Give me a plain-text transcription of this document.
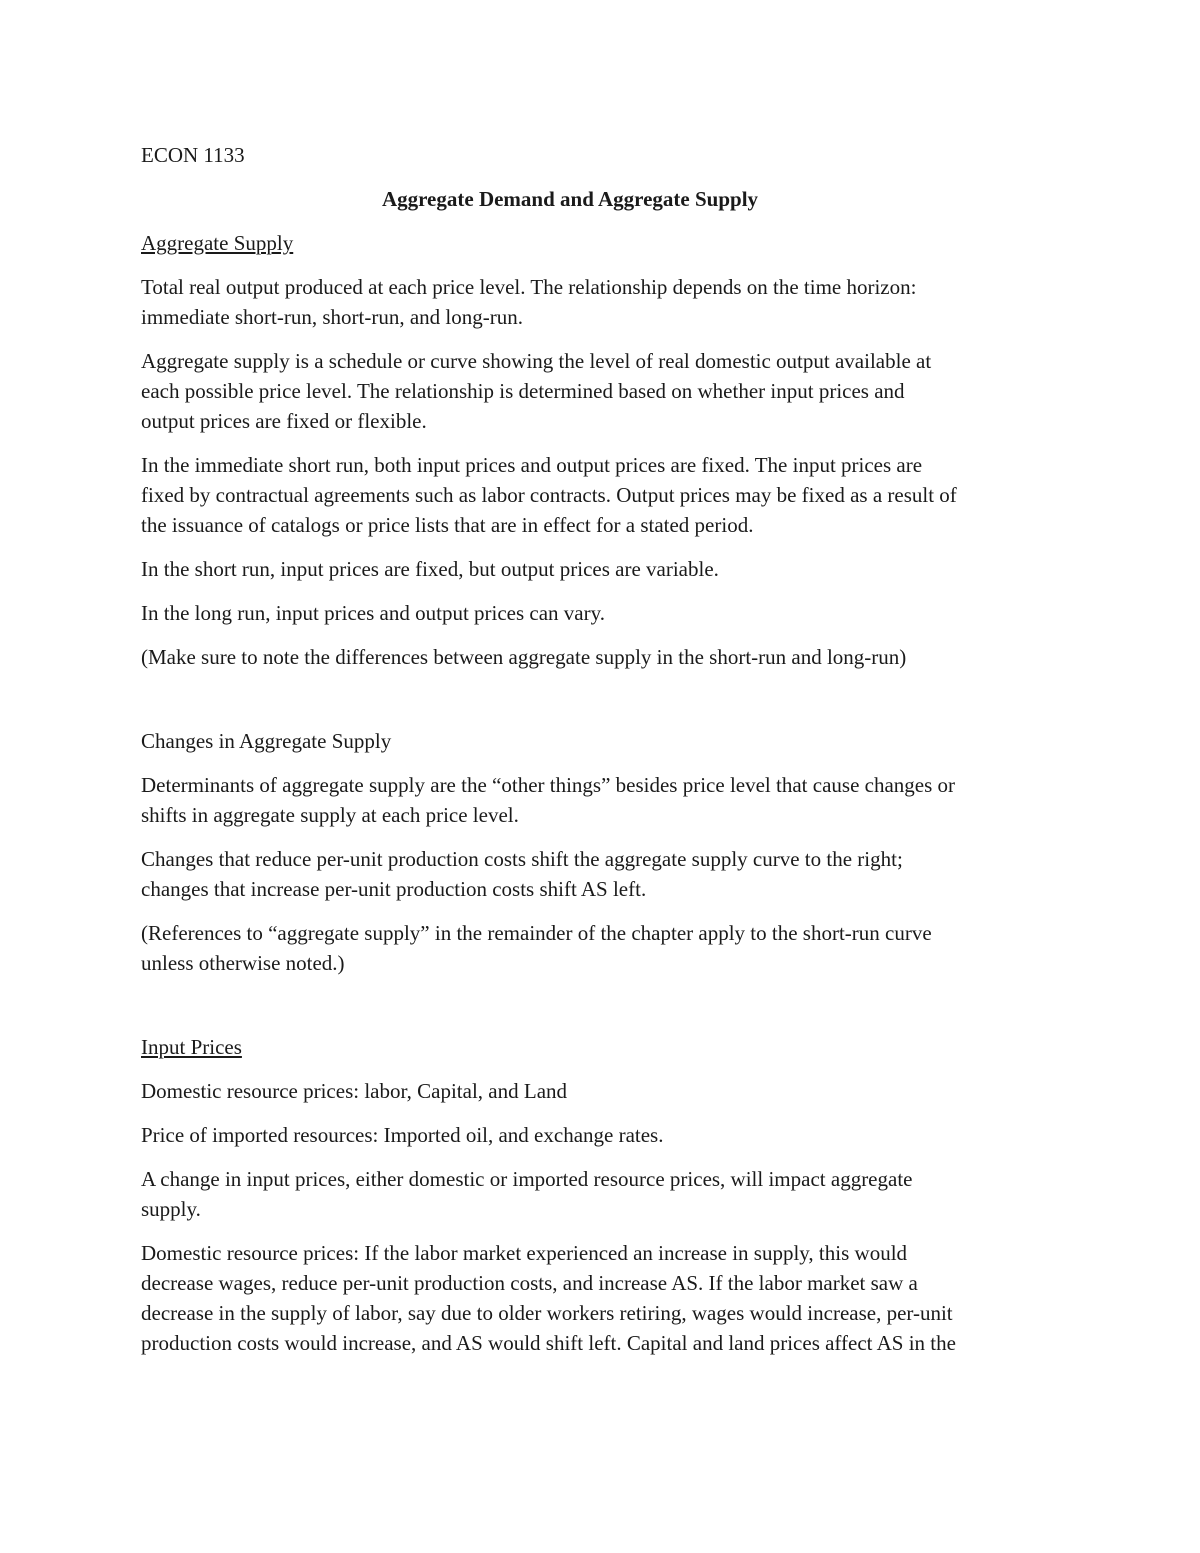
ECON 1133

Aggregate Demand and Aggregate Supply

Aggregate Supply

Total real output produced at each price level. The relationship depends on the time horizon:
immediate short-run, short-run, and long-run.

Aggregate supply is a schedule or curve showing the level of real domestic output available at
each possible price level. The relationship is determined based on whether input prices and
output prices are fixed or flexible.

In the immediate short run, both input prices and output prices are fixed. The input prices are
fixed by contractual agreements such as labor contracts. Output prices may be fixed as a result of
the issuance of catalogs or price lists that are in effect for a stated period.

In the short run, input prices are fixed, but output prices are variable.

In the long run, input prices and output prices can vary.

(Make sure to note the differences between aggregate supply in the short-run and long-run)

Changes in Aggregate Supply

Determinants of aggregate supply are the “other things” besides price level that cause changes or
shifts in aggregate supply at each price level.

Changes that reduce per-unit production costs shift the aggregate supply curve to the right;
changes that increase per-unit production costs shift AS left.

(References to “aggregate supply” in the remainder of the chapter apply to the short-run curve
unless otherwise noted.)

Input Prices

Domestic resource prices: labor, Capital, and Land

Price of imported resources: Imported oil, and exchange rates.

A change in input prices, either domestic or imported resource prices, will impact aggregate
supply.

Domestic resource prices: If the labor market experienced an increase in supply, this would
decrease wages, reduce per-unit production costs, and increase AS. If the labor market saw a
decrease in the supply of labor, say due to older workers retiring, wages would increase, per-unit
production costs would increase, and AS would shift left. Capital and land prices affect AS in the
